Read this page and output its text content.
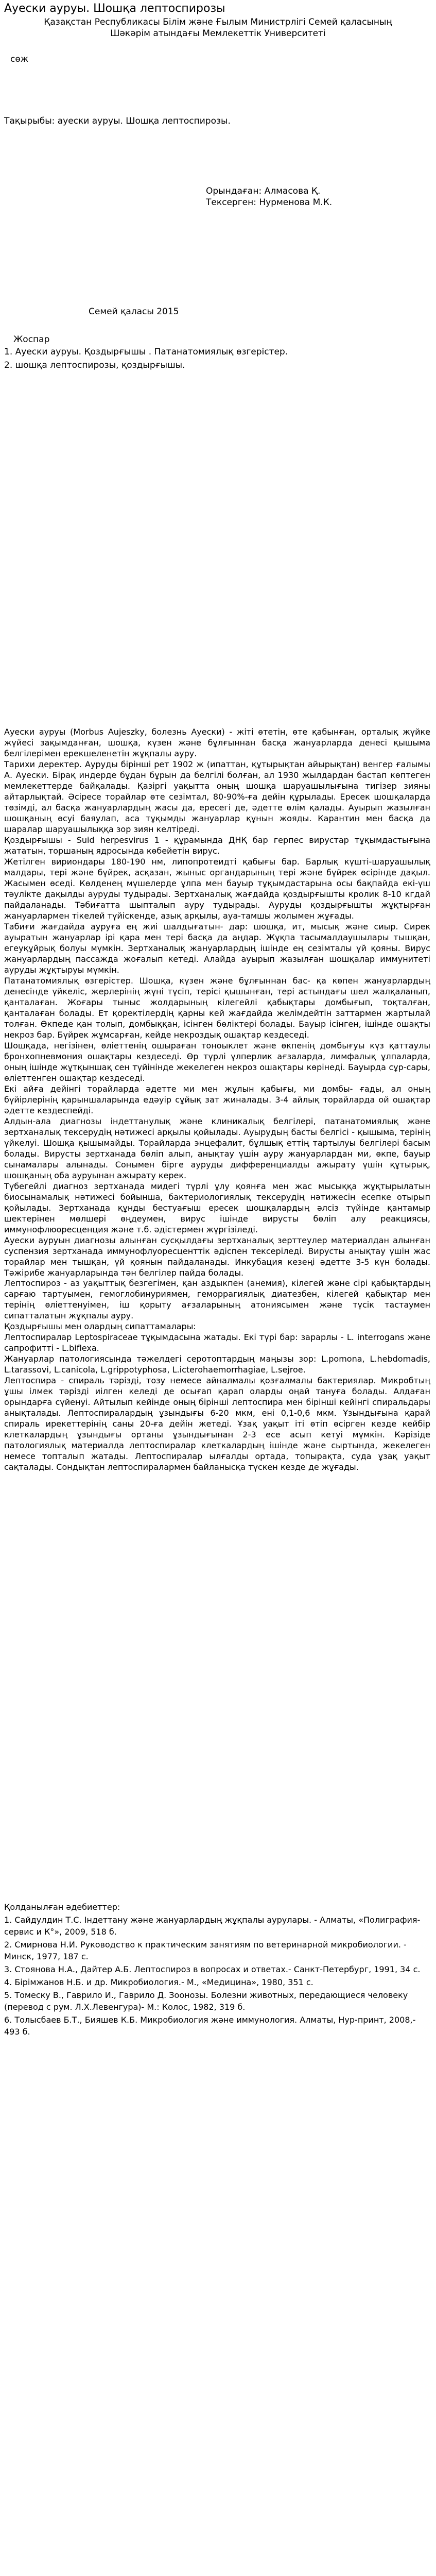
Ауески ауруы. Шошқа лептоспирозы
Қазақстан Республикасы Білім және Ғылым Министрлігі Семей қаласының
Шәкәрім атындағы Мемлекеттік Университеті
сөж
Тақырыбы: ауески ауруы. Шошқа лептоспирозы.
Орындаған: Алмасова Қ.
Тексерген: Нурменова М.К.
Семей қаласы 2015
Жоспар
1. Ауески ауруы. Қоздырғышы . Патанатомиялық өзгерістер.
2. шошқа лептоспирозы, қоздырғышы.

Ауески ауруы (Morbus Aujeszkу, болезнь Ауески) - жіті өтетін, өте қабынған, орталық жүйке жүйесі зақымданған, шошқа, күзен және бұлғыннан басқа жануарларда денесі қышыма белгілерімен ерекшеленетін жұқпалы ауру.

Тарихи деректер. Ауруды бірінші рет 1902 ж (ипаттан, құтырықтан айырықтан) венгер ғалымы А. Ауески. Бірақ индерде бұдан бұрын да белгілі болған, ал 1930 жылдардан бастап көптеген мемлекеттерде байқалады. Қазіргі уақытта оның шошқа шаруашылығына тигізер зияны айтарлықтай. Әсіресе торайлар өте сезімтал, 80-90%-ға дейін құрылады. Ересек шошқаларда төзімді, ал басқа жануарлардың жасы да, ересегі де, әдетте өлім қалады. Ауырып жазылған шошқаның өсуі баяулап, аса тұқымды жануарлар құнын жояды. Карантин мен басқа да шаралар шаруашылыққа зор зиян келтіреді.

Қоздырғышы - Suid herpesvirus 1 - құрамында ДНҚ бар герпес вирустар тұқымдастығына жататын, торшаның ядросында көбейетін вирус.

Жетілген вириондары 180-190 нм, липопротеидті қабығы бар. Барлық күшті-шаруашылық малдары, тері және бүйрек, асқазан, жыныс органдарының тері және бүйрек өсірінде дақыл. Жасымен өседі. Көлденең мүшелерде ұлпа мен бауыр тұқымдастарына осы бақпайда екі-үш тәулікте дақылды ауруды тудырады. Зертханалық жағдайда қоздырғышты кролик 8-10 кгдай пайдаланады. Тәбиғатта шыпталып ауру тудырады. Ауруды қоздырғышты жұқтырған жануарлармен тікелей түйіскенде, азық арқылы, ауа-тамшы жолымен жұғады.

Табиғи жағдайда ауруға ең жиі шалдығатын- дар: шошқа, ит, мысық және сиыр. Сирек ауыратын жануарлар ірі қара мен тері басқа да аңдар. Жұқпа тасымалдаушылары тышқан, егеуқұйрық болуы мүмкін. Зертханалық жануарлардың ішінде ең сезімталы үй қояны. Вирус жануарлардың пассажда жоғалып кетеді. Алайда ауырып жазылған шошқалар иммунитеті ауруды жұқтыруы мүмкін.

Патанатомиялық өзгерістер. Шошқа, күзен және бұлғыннан бас- қа көпен жануарлардың денесінде үйкеліс, жерлерінің жүні түсіп, терісі қышынған, тері астындағы шел жалқаланып, қанталаған. Жоғары тыныс жолдарының кілегейлі қабықтары домбығып, тоқталған, қанталаған болады. Ет қоректілердің қарны кей жағдайда желімдейтін заттармен жартылай толған. Өкпеде қан толып, домбыққан, ісінген бөліктері болады. Бауыр ісінген, ішінде ошақты некроз бар. Бүйрек жұмсарған, кейде некроздық ошақтар кездеседі.

Шошқада, негізінен, өліеттенің ошыраған тоноыклет және өкпенің домбығуы күз қаттаулы бронхопневмония ошақтары кездеседі. Өр түрлі үлперлик ағзаларда, лимфалық ұлпаларда, оның ішінде жұтқыншақ сен түйінінде жекелеген некроз ошақтары көрінеді. Бауырда сұр-сары, өліеттенген ошақтар кездеседі.

Екі айға дейінгі торайларда әдетте ми мен жұлын қабығы, ми домбы- ғады, ал оның бүйірлерінің қарыншаларында едәуір сұйық зат жиналады. 3-4 айлық торайларда ой ошақтар әдетте кездеспейді.

Алдын-ала диагнозы індеттанулық және клиникалық белгілері, патанатомиялық және зертханалық тексерудің нәтижесі арқылы қойылады. Ауырудың басты белгісі - қышыма, терінің үйкелуі. Шошқа қышымайды. Торайларда энцефалит, бұлшық еттің тартылуы белгілері басым болады. Вирусты зертханада бөліп алып, анықтау үшін ауру жануарлардан ми, өкпе, бауыр сынамалары алынады. Сонымен бірге ауруды дифференциалды ажырату үшін құтырық, шошқаның оба ауруынан ажырату керек.

Түбегейлі диагноз зертханада мидегі түрлі ұлу қоянға мен жас мысыққа жұқтырылатын биосынамалық нәтижесі бойынша, бактериологиялық тексерудің нәтижесін есепке отырып қойылады. Зертханада құнды бестуағыш ересек шошқалардың әлсіз түйінде қантамыр шектерінен мөлшері өңдеумен, вирус ішінде вирусты бөліп алу реакциясы, иммунофлюоресценция және т.б. әдістермен жүргізіледі.

Ауески ауруын диагнозы алынған сусқылдағы зертханалық зерттеулер материалдан алынған суспензия зертханада иммунофлуоресценттік әдіспен тексеріледі. Вирусты анықтау үшін жас торайлар мен тышқан, үй қоянын пайдаланады. Инкубация кезеңі әдетте 3-5 күн болады. Тәжірибе жануарларында тән белгілер пайда болады.

Лептоспироз - аз уақыттық безгегімен, қан аздыкпен (анемия), кілегей және сірі қабықтардың сарғаю тартуымен, гемоглобинуриямен, геморрагиялық диатезбен, кілегей қабықтар мен терінің өліеттенуімен, іш қорыту ағзаларының атониясымен және түсік тастаумен сипатталатын жұқпалы ауру.

Қоздырғышы мен олардың сипаттамалары:

Лептоспиралар Leptospiraceae тұқымдасына жатады. Екі түрі бар: зарарлы - L. interrogans және сапрофитті - L.biflexa.

Жануарлар патологиясында тәжелдегі серотоптардың маңызы зор: L.pomona, L.hebdomadis, L.tarassovi, L.canicola, L.grippotyphosa, L.icterohaemorrhagiae, L.sejroe.

Лептоспира - спираль тәрізді, тозу немесе айналмалы қозғалмалы бактериялар. Микробтың ұшы ілмек тәрізді иілген келеді де осығап қарап оларды оңай тануға болады. Алдаған орындарға сүйенуі. Айтылып кейінде оның бірінші лептоспира мен бірінші кейінгі спиральдары анықталады. Лептоспиралардың ұзындығы 6-20 мкм, ені 0,1-0,6 мкм. Ұзындығына қарай спираль ирекеттерінің саны 20-ға дейін жетеді. Ұзақ уақыт іті өтіп өсірген кезде кейбір клеткалардың ұзындығы ортаны ұзындығынан 2-3 есе асып кетуі мүмкін. Кәрізіде патологиялық материалда лептоспиралар клеткалардың ішінде және сыртында, жекелеген немесе топталып жатады. Лептоспиралар ылғалды ортада, топырақта, суда ұзақ уақыт сақталады. Сондықтан лептоспиралармен байланысқа түскен кезде де жұғады.

Қолданылған әдебиеттер:
1. Сайдулдин Т.С. Індеттану және жануарлардың жұқпалы аурулары. - Алматы, «Полиграфия-сервис и К°», 2009, 518 б.
2. Смирнова Н.И. Руководство к практическим занятиям по ветеринарной микробиологии. - Минск, 1977, 187 с.
3. Стояновa Н.А., Дайтер А.Б. Лептоспироз в вопросах и ответах.- Санкт-Петербург, 1991, 34 с.
4. Бірімжанов Н.Б. и др. Микробиология.- М., «Медицина», 1980, 351 с.
5. Томеску В., Гаврило И., Гаврило Д. Зоонозы. Болезни животных, передающиеся человеку (перевод с рум. Л.Х.Левенгура)- М.: Колос, 1982, 319 б.
6. Толысбаев Б.Т., Бияшев К.Б. Микробиология және иммунология. Алматы, Нур-принт, 2008,- 493 б.
